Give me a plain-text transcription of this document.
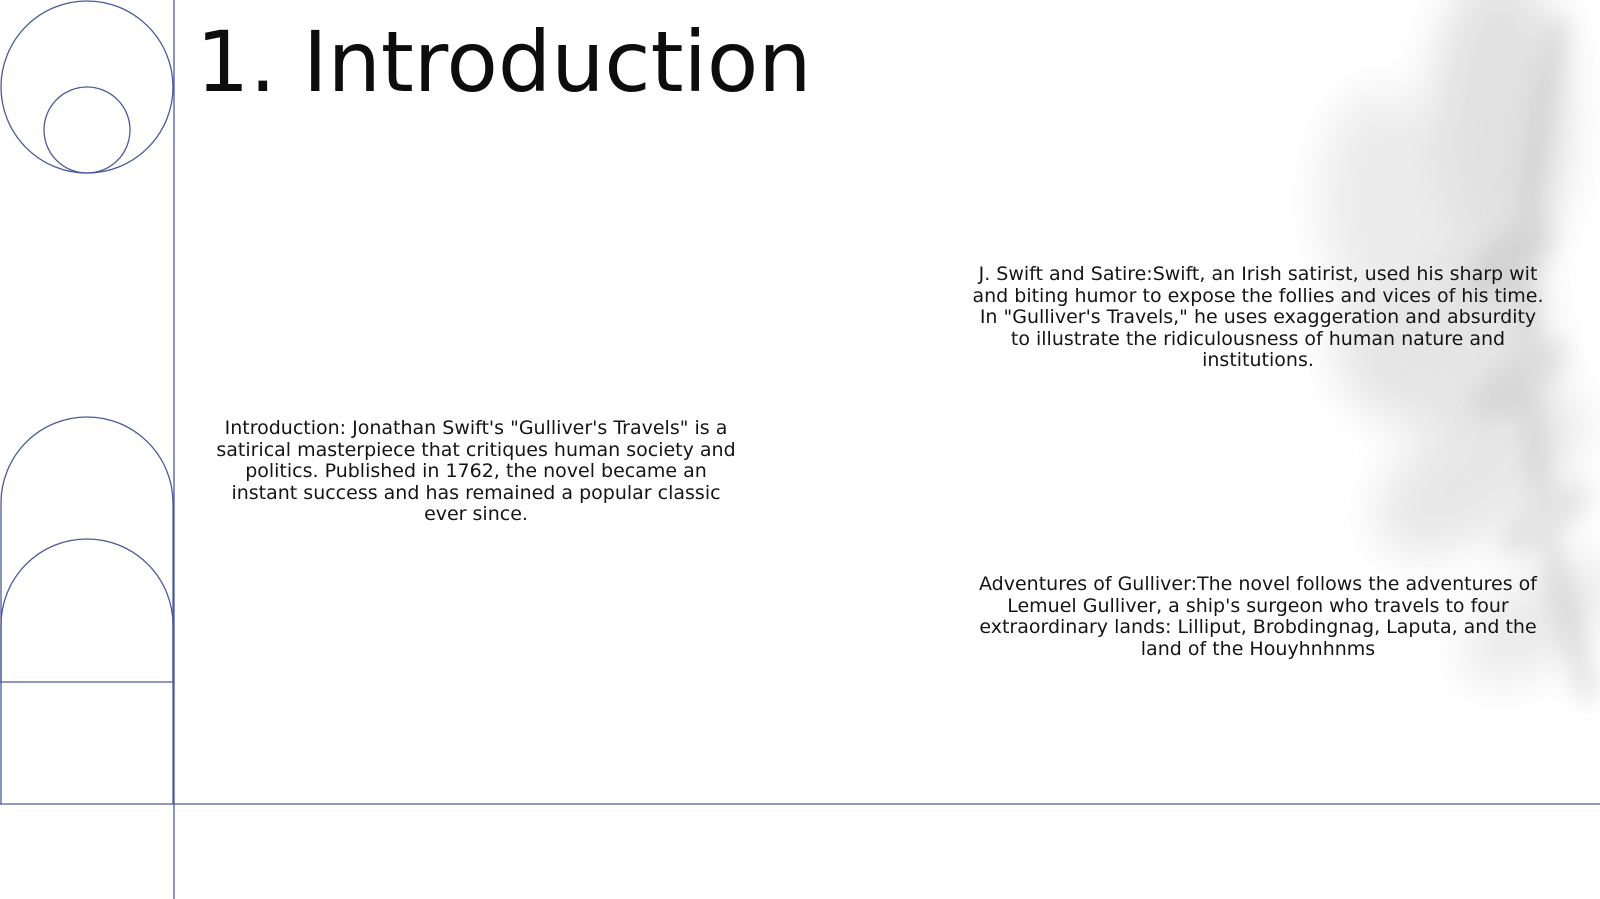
1. Introduction

Introduction: Jonathan Swift's "Gulliver's Travels" is a satirical masterpiece that critiques human society and politics. Published in 1762, the novel became an instant success and has remained a popular classic ever since.

J. Swift and Satire:Swift, an Irish satirist, used his sharp wit and biting humor to expose the follies and vices of his time. In "Gulliver's Travels," he uses exaggeration and absurdity to illustrate the ridiculousness of human nature and institutions.

Adventures of Gulliver:The novel follows the adventures of Lemuel Gulliver, a ship's surgeon who travels to four extraordinary lands: Lilliput, Brobdingnag, Laputa, and the land of the Houyhnhnms
